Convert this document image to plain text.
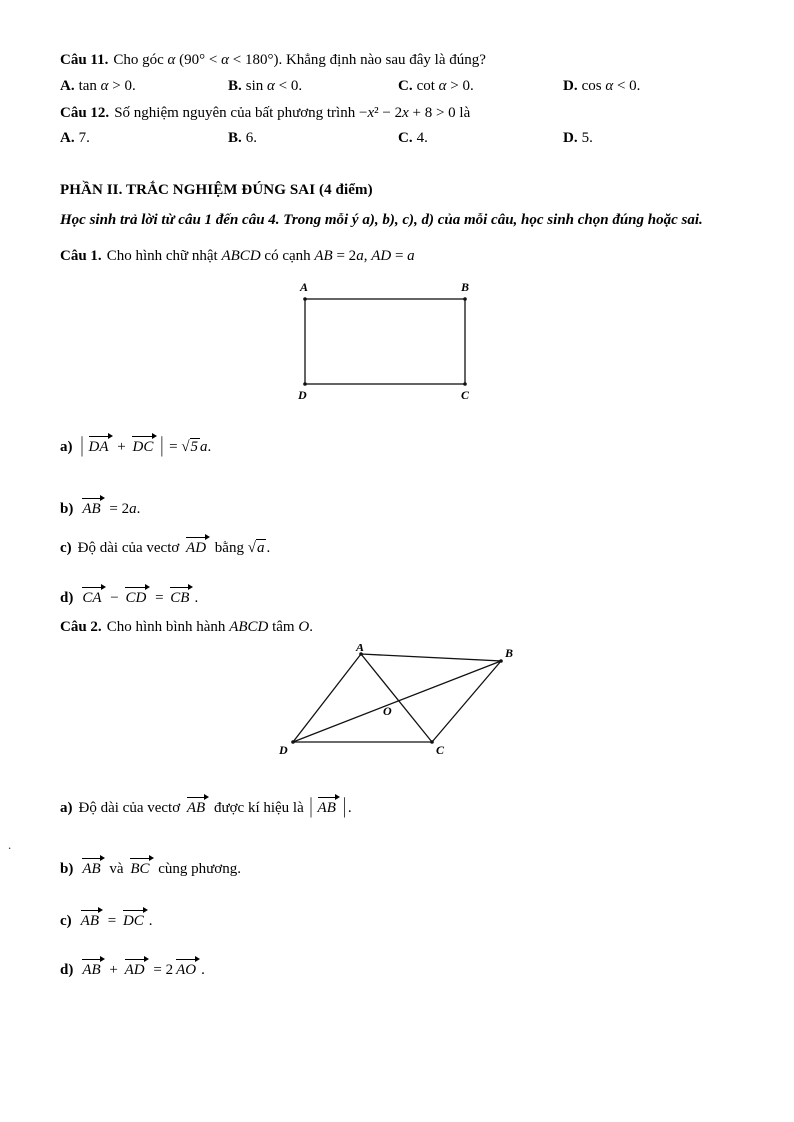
Câu 11. Cho góc α (90° < α < 180°). Khẳng định nào sau đây là đúng?
A. tan α > 0.	B. sin α < 0.	C. cot α > 0.	D. cos α < 0.
Câu 12. Số nghiệm nguyên của bất phương trình −x² − 2x + 8 > 0 là
A. 7.	B. 6.	C. 4.	D. 5.
PHẦN II. TRẮC NGHIỆM ĐÚNG SAI (4 điểm)
Học sinh trả lời từ câu 1 đến câu 4. Trong mỗi ý a), b), c), d) của mỗi câu, học sinh chọn đúng hoặc sai.
Câu 1. Cho hình chữ nhật ABCD có cạnh AB = 2a, AD = a
A	B
D	C
a) | DA + DC | = √5 a.
b) AB = 2a.
c) Độ dài của vectơ AD bằng √a .
d) CA − CD = CB .
Câu 2. Cho hình bình hành ABCD tâm O.
A	B
C
D
O
a) Độ dài của vectơ AB được kí hiệu là | AB | .
b) AB và BC cùng phương.
c) AB = DC .
d) AB + AD = 2 AO .
.
